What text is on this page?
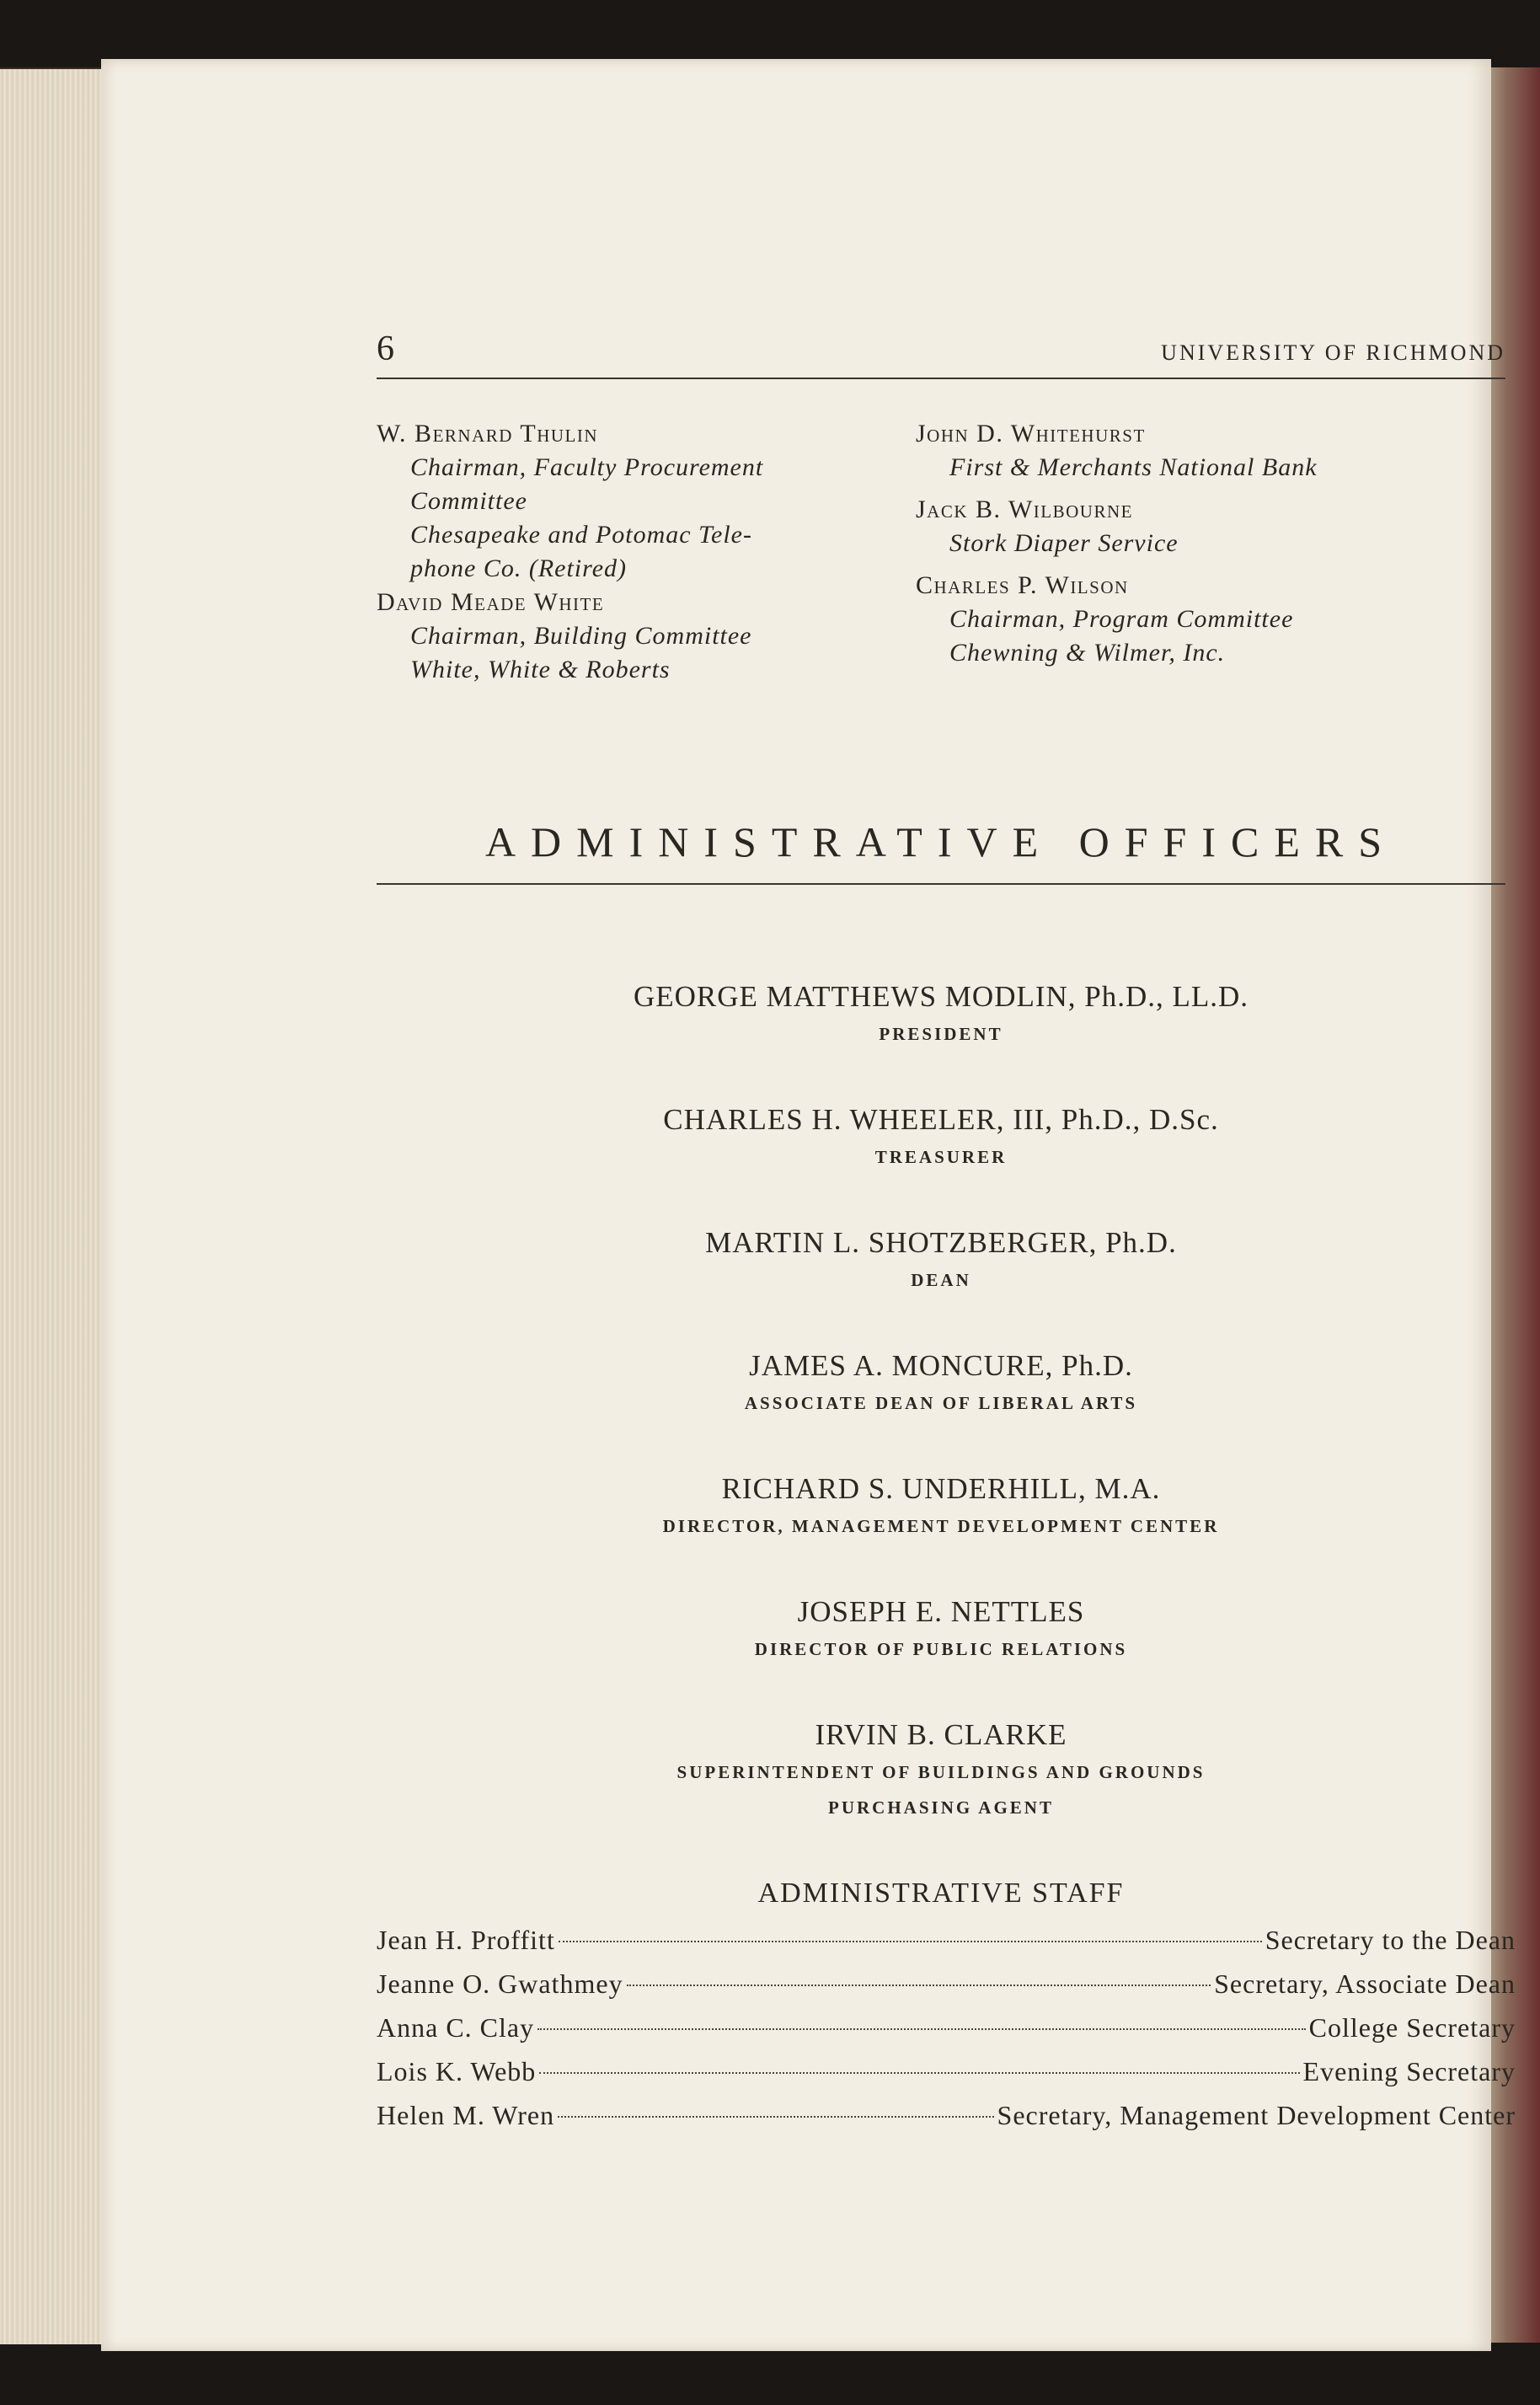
6	UNIVERSITY OF RICHMOND
W. Bernard Thulin
Chairman, Faculty Procurement
Committee
Chesapeake and Potomac Tele-
phone Co. (Retired)
David Meade White
Chairman, Building Committee
White, White & Roberts
John D. Whitehurst
First & Merchants National Bank
Jack B. Wilbourne
Stork Diaper Service
Charles P. Wilson
Chairman, Program Committee
Chewning & Wilmer, Inc.
ADMINISTRATIVE OFFICERS
GEORGE MATTHEWS MODLIN, Ph.D., LL.D.
PRESIDENT
CHARLES H. WHEELER, III, Ph.D., D.Sc.
TREASURER
MARTIN L. SHOTZBERGER, Ph.D.
DEAN
JAMES A. MONCURE, Ph.D.
ASSOCIATE DEAN OF LIBERAL ARTS
RICHARD S. UNDERHILL, M.A.
DIRECTOR, MANAGEMENT DEVELOPMENT CENTER
JOSEPH E. NETTLES
DIRECTOR OF PUBLIC RELATIONS
IRVIN B. CLARKE
SUPERINTENDENT OF BUILDINGS AND GROUNDS
PURCHASING AGENT
ADMINISTRATIVE STAFF
Jean H. Proffitt	Secretary to the Dean
Jeanne O. Gwathmey	Secretary, Associate Dean
Anna C. Clay	College Secretary
Lois K. Webb	Evening Secretary
Helen M. Wren	Secretary, Management Development Center
